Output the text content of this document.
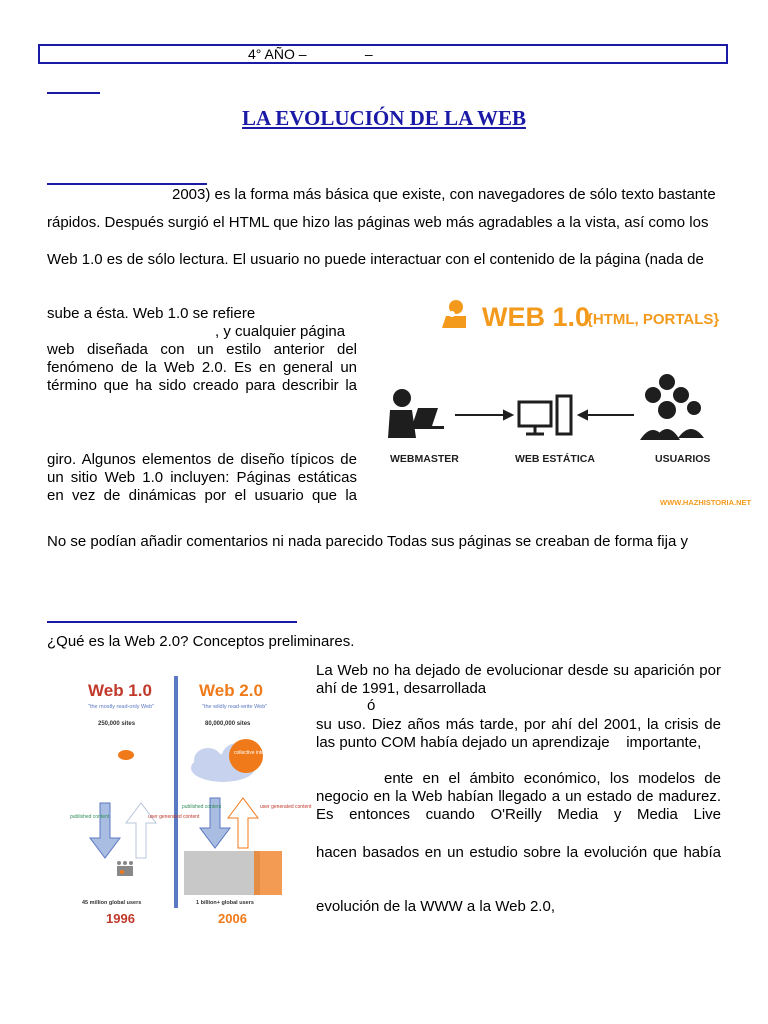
4° AÑO –               –
LA EVOLUCIÓN DE LA WEB
2003) es la forma más básica que existe, con navegadores de sólo texto bastante
rápidos. Después surgió el HTML que hizo las páginas web más agradables a la vista, así como los
Web 1.0 es de sólo lectura. El usuario no puede interactuar con el contenido de la página (nada de
sube a ésta. Web 1.0 se refiere
, y cualquier página
web diseñada con un estilo anterior del
fenómeno de la Web 2.0. Es en general un
término que ha sido creado para describir la
giro. Algunos elementos de diseño típicos de
un sitio Web 1.0 incluyen: Páginas estáticas
en vez de dinámicas por el usuario que la
WEB 1.0
{HTML, PORTALS}
WEBMASTER	WEB ESTÁTICA	USUARIOS
WWW.HAZHISTORIA.NET
No se podían añadir comentarios ni nada parecido Todas sus páginas se creaban de forma fija y
¿Qué es la Web 2.0? Conceptos preliminares.
Web 1.0
"the mostly read-only Web"
250,000 sites
published content	user generated content
45 million global users
1996
Web 2.0
"the wildly read-write Web"
80,000,000 sites
collective intelligence
published content	user generated content
1 billion+ global users
2006
La Web no ha dejado de evolucionar desde su aparición por
ahí de 1991, desarrollada
ó
su uso. Diez años más tarde, por ahí del 2001, la crisis de
las punto COM había dejado un aprendizaje    importante,
ente en el ámbito económico, los modelos de
negocio en la Web habían llegado a un estado de madurez.
Es entonces cuando O'Reilly Media y Media Live
hacen basados en un estudio sobre la evolución que había
evolución de la WWW a la Web 2.0,
